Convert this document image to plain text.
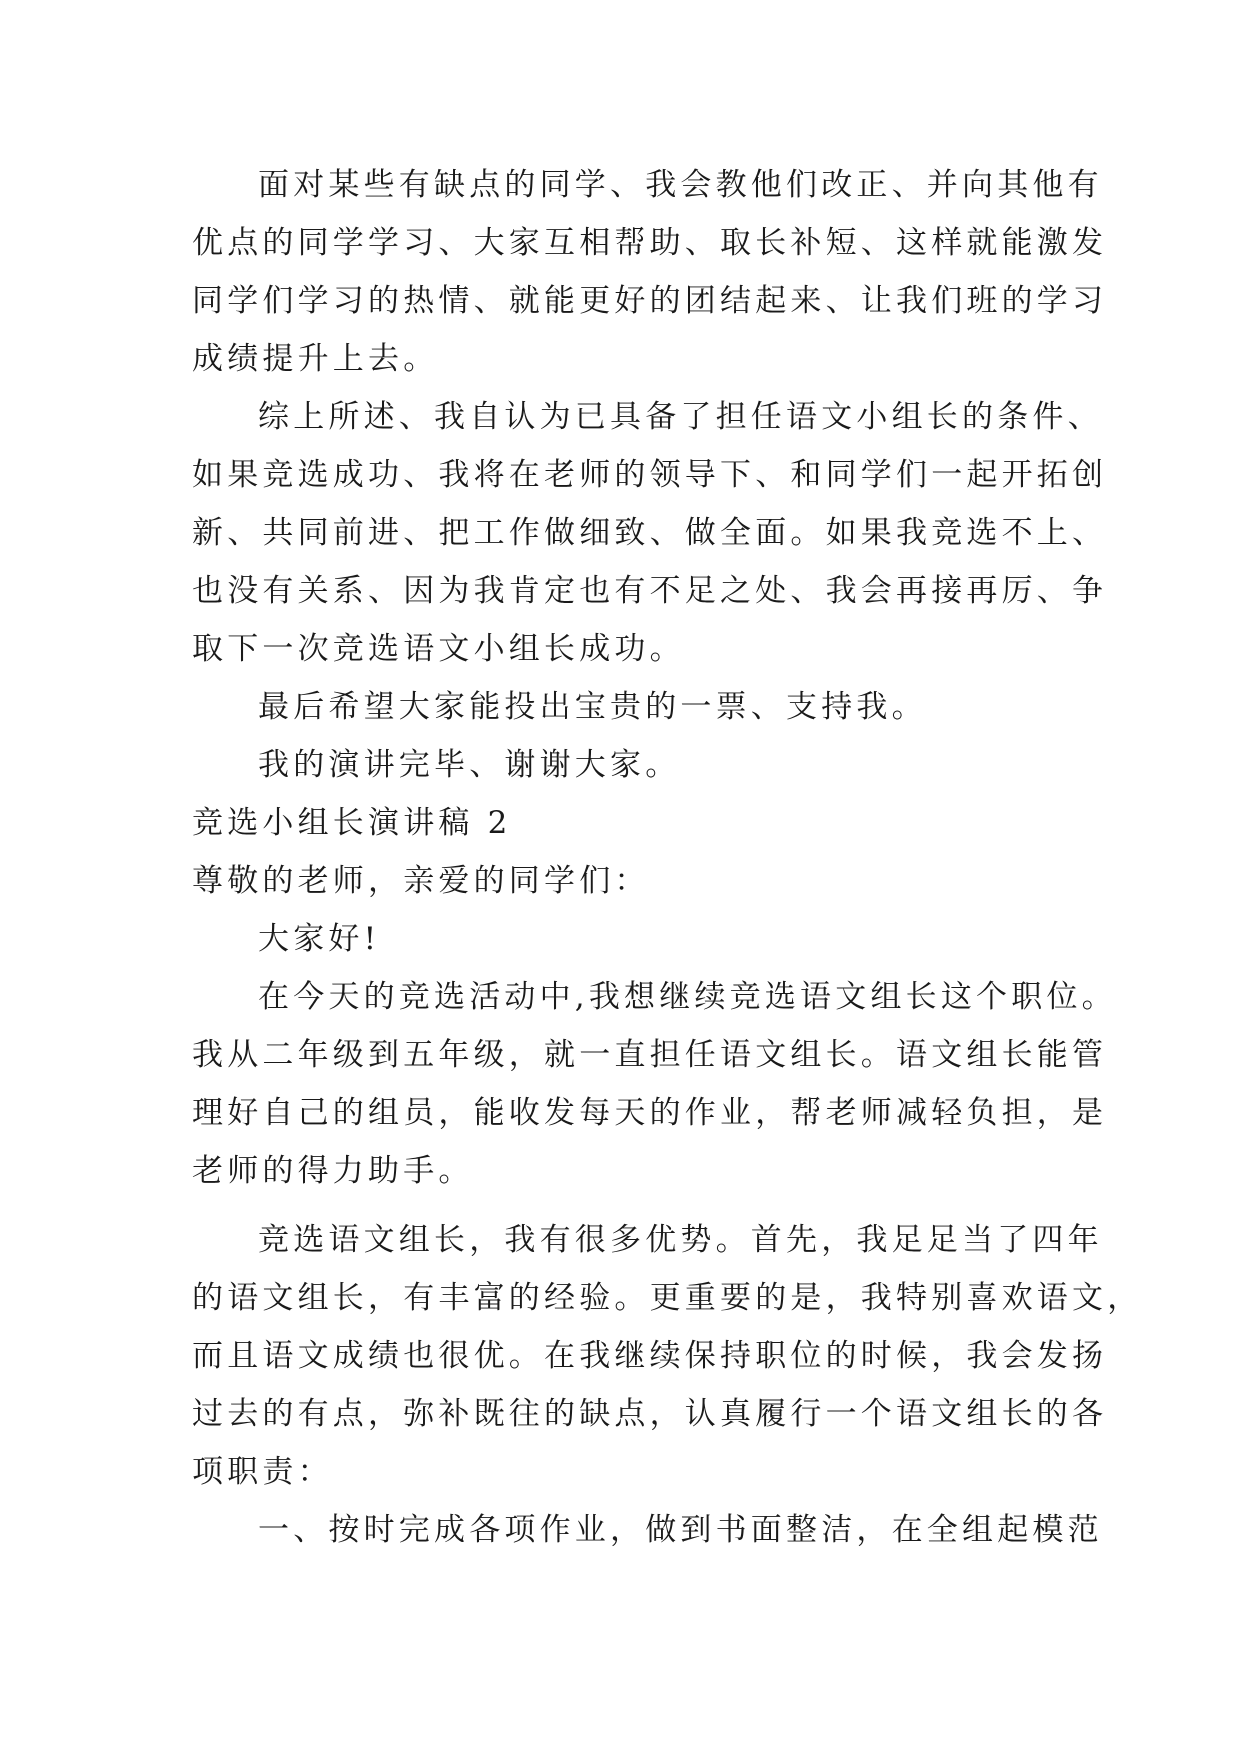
面对某些有缺点的同学、我会教他们改正、并向其他有
优点的同学学习、大家互相帮助、取长补短、这样就能激发
同学们学习的热情、就能更好的团结起来、让我们班的学习
成绩提升上去。
综上所述、我自认为已具备了担任语文小组长的条件、
如果竞选成功、我将在老师的领导下、和同学们一起开拓创
新、共同前进、把工作做细致、做全面。如果我竞选不上、
也没有关系、因为我肯定也有不足之处、我会再接再厉、争
取下一次竞选语文小组长成功。
最后希望大家能投出宝贵的一票、支持我。
我的演讲完毕、谢谢大家。
竞选小组长演讲稿 2
尊敬的老师，亲爱的同学们：
大家好!
在今天的竞选活动中,我想继续竞选语文组长这个职位。
我从二年级到五年级，就一直担任语文组长。语文组长能管
理好自己的组员，能收发每天的作业，帮老师减轻负担，是
老师的得力助手。
竞选语文组长，我有很多优势。首先，我足足当了四年
的语文组长，有丰富的经验。更重要的是，我特别喜欢语文，
而且语文成绩也很优。在我继续保持职位的时候，我会发扬
过去的有点，弥补既往的缺点，认真履行一个语文组长的各
项职责：
一、按时完成各项作业，做到书面整洁，在全组起模范
